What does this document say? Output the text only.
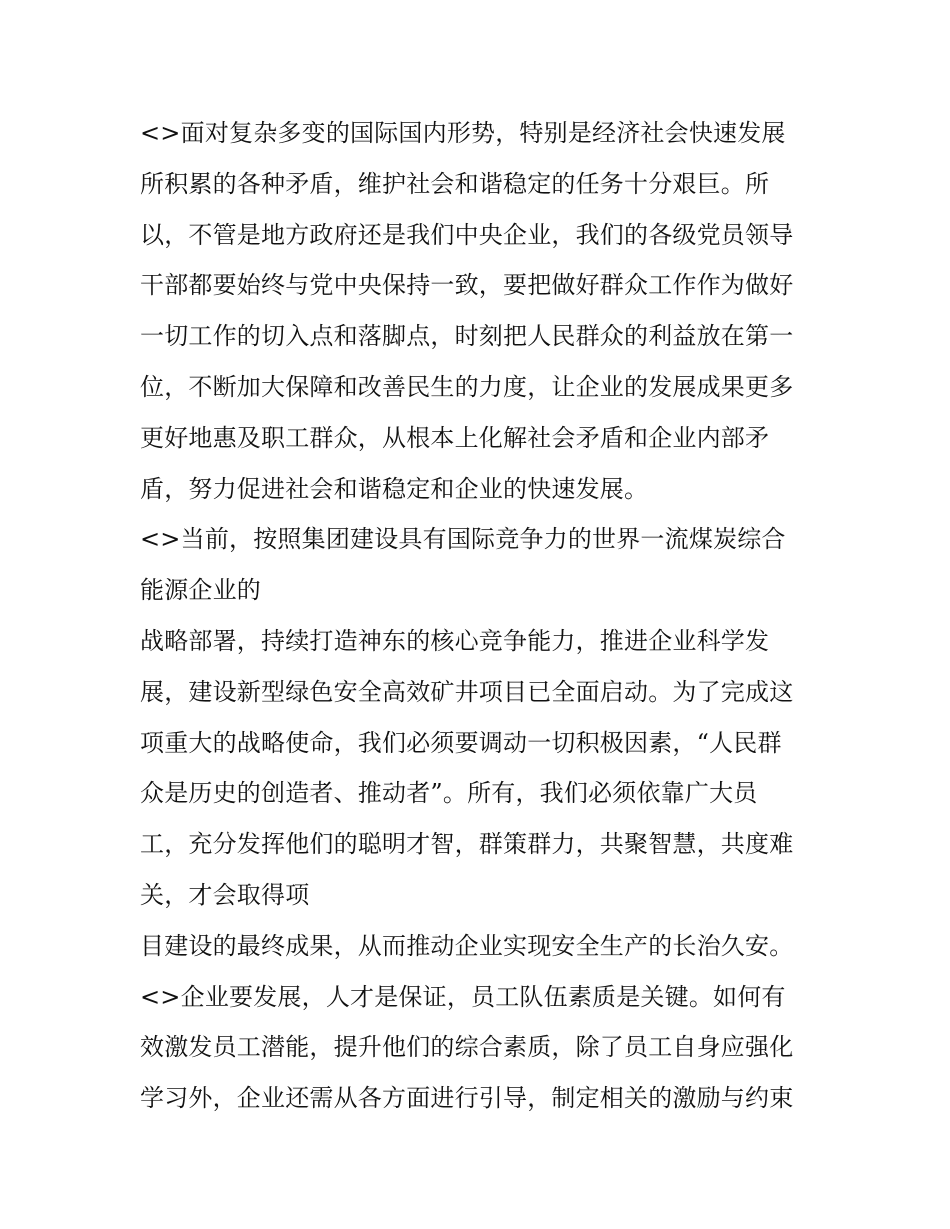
<>面对复杂多变的国际国内形势，特别是经济社会快速发展
所积累的各种矛盾，维护社会和谐稳定的任务十分艰巨。所
以，不管是地方政府还是我们中央企业，我们的各级党员领导
干部都要始终与党中央保持一致，要把做好群众工作作为做好
一切工作的切入点和落脚点，时刻把人民群众的利益放在第一
位，不断加大保障和改善民生的力度，让企业的发展成果更多
更好地惠及职工群众，从根本上化解社会矛盾和企业内部矛
盾，努力促进社会和谐稳定和企业的快速发展。
<>当前，按照集团建设具有国际竞争力的世界一流煤炭综合
能源企业的
战略部署，持续打造神东的核心竞争能力，推进企业科学发
展，建设新型绿色安全高效矿井项目已全面启动。为了完成这
项重大的战略使命，我们必须要调动一切积极因素，“人民群
众是历史的创造者、推动者”。所有，我们必须依靠广大员
工，充分发挥他们的聪明才智，群策群力，共聚智慧，共度难
关，才会取得项
目建设的最终成果，从而推动企业实现安全生产的长治久安。
<>企业要发展，人才是保证，员工队伍素质是关键。如何有
效激发员工潜能，提升他们的综合素质，除了员工自身应强化
学习外，企业还需从各方面进行引导，制定相关的激励与约束
